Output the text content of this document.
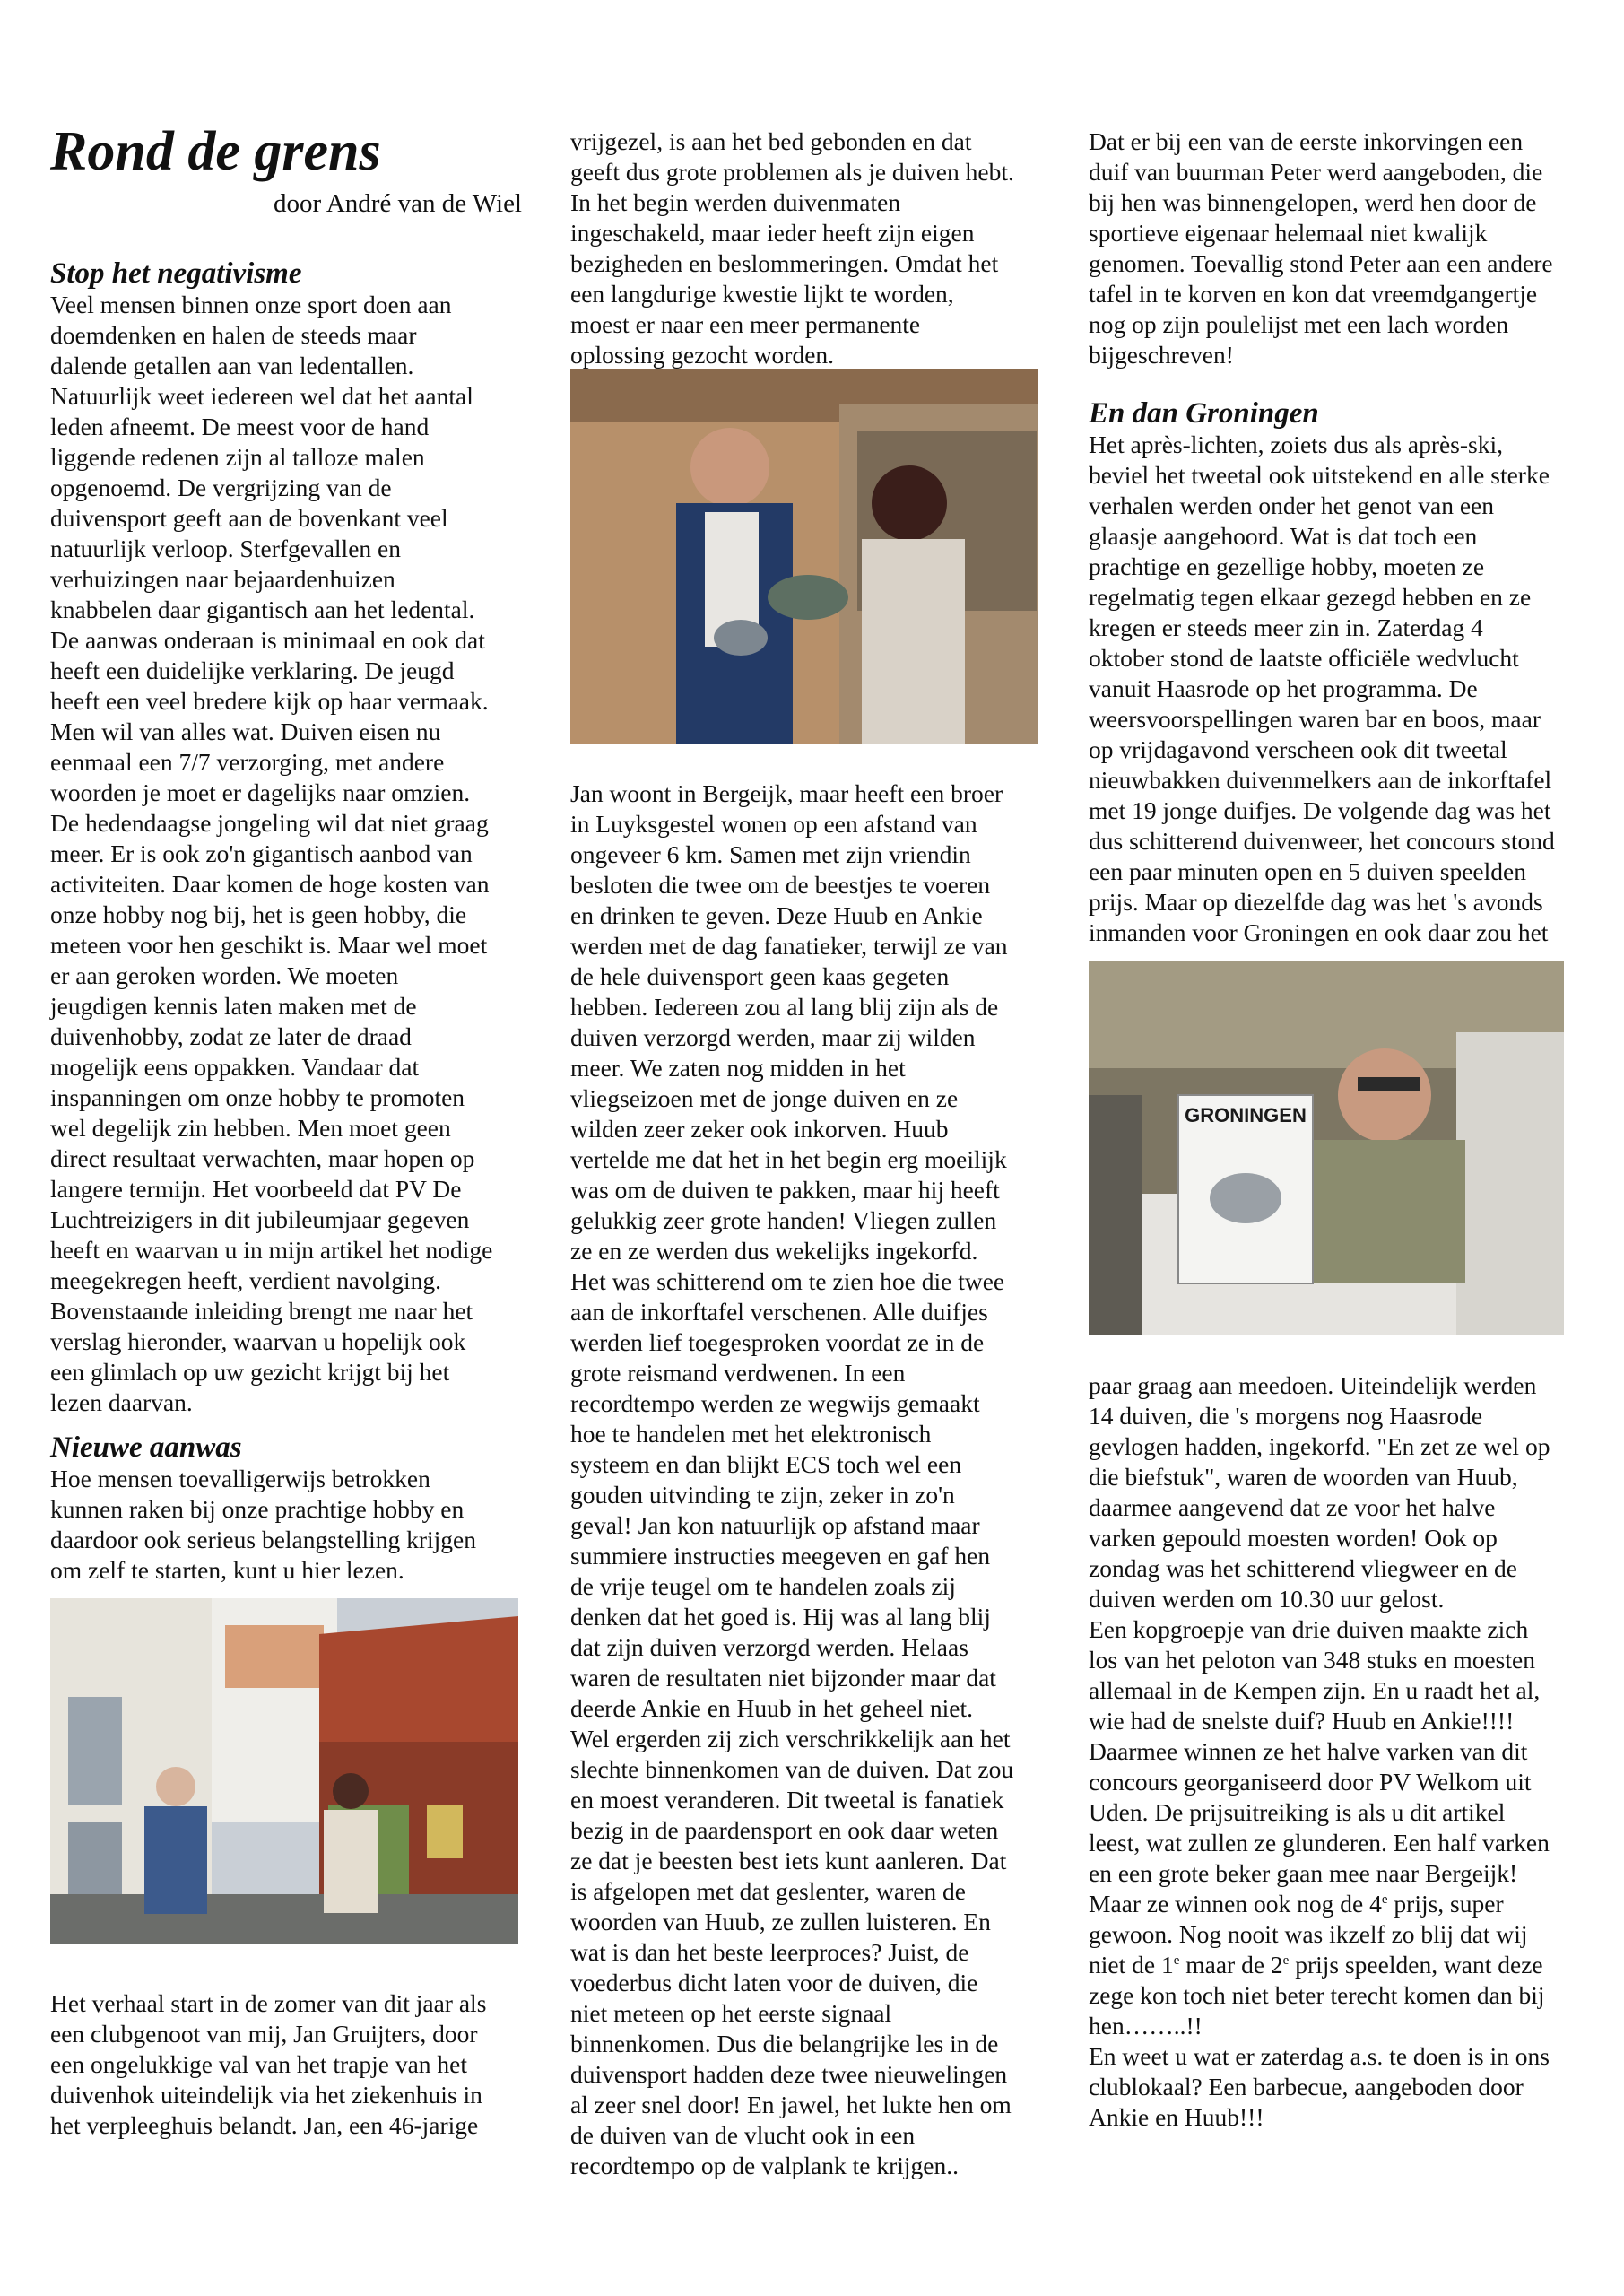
Rond de grens
door André van de Wiel
Stop het negativisme

Veel mensen binnen onze sport doen aan
doemdenken en halen de steeds maar
dalende getallen aan van ledentallen.
Natuurlijk weet iedereen wel dat het aantal
leden afneemt. De meest voor de hand
liggende redenen zijn al talloze malen
opgenoemd. De vergrijzing van de
duivensport geeft aan de bovenkant veel
natuurlijk verloop. Sterfgevallen en
verhuizingen naar bejaardenhuizen
knabbelen daar gigantisch aan het ledental.
De aanwas onderaan is minimaal en ook dat
heeft een duidelijke verklaring. De jeugd
heeft een veel bredere kijk op haar vermaak.
Men wil van alles wat. Duiven eisen nu
eenmaal een 7/7 verzorging, met andere
woorden je moet er dagelijks naar omzien.
De hedendaagse jongeling wil dat niet graag
meer. Er is ook zo'n gigantisch aanbod van
activiteiten. Daar komen de hoge kosten van
onze hobby nog bij, het is geen hobby, die
meteen voor hen geschikt is. Maar wel moet
er aan geroken worden. We moeten
jeugdigen kennis laten maken met de
duivenhobby, zodat ze later de draad
mogelijk eens oppakken. Vandaar dat
inspanningen om onze hobby te promoten
wel degelijk zin hebben. Men moet geen
direct resultaat verwachten, maar hopen op
langere termijn. Het voorbeeld dat PV De
Luchtreizigers in dit jubileumjaar gegeven
heeft en waarvan u in mijn artikel het nodige
meegekregen heeft, verdient navolging.
Bovenstaande inleiding brengt me naar het
verslag hieronder, waarvan u hopelijk ook
een glimlach op uw gezicht krijgt bij het
lezen daarvan.

Nieuwe aanwas

Hoe mensen toevalligerwijs betrokken
kunnen raken bij onze prachtige hobby en
daardoor ook serieus belangstelling krijgen
om zelf te starten, kunt u hier lezen.

Het verhaal start in de zomer van dit jaar als
een clubgenoot van mij, Jan Gruijters, door
een ongelukkige val van het trapje van het
duivenhok uiteindelijk via het ziekenhuis in
het verpleeghuis belandt. Jan, een 46-jarige

vrijgezel, is aan het bed gebonden en dat
geeft dus grote problemen als je duiven hebt.
In het begin werden duivenmaten
ingeschakeld, maar ieder heeft zijn eigen
bezigheden en beslommeringen. Omdat het
een langdurige kwestie lijkt te worden,
moest er naar een meer permanente
oplossing gezocht worden.

Jan woont in Bergeijk, maar heeft een broer
in Luyksgestel wonen op een afstand van
ongeveer 6 km. Samen met zijn vriendin
besloten die twee om de beestjes te voeren
en drinken te geven. Deze Huub en Ankie
werden met de dag fanatieker, terwijl ze van
de hele duivensport geen kaas gegeten
hebben. Iedereen zou al lang blij zijn als de
duiven verzorgd werden, maar zij wilden
meer. We zaten nog midden in het
vliegseizoen met de jonge duiven en ze
wilden zeer zeker ook inkorven. Huub
vertelde me dat het in het begin erg moeilijk
was om de duiven te pakken, maar hij heeft
gelukkig zeer grote handen! Vliegen zullen
ze en ze werden dus wekelijks ingekorfd.
Het was schitterend om te zien hoe die twee
aan de inkorftafel verschenen. Alle duifjes
werden lief toegesproken voordat ze in de
grote reismand verdwenen. In een
recordtempo werden ze wegwijs gemaakt
hoe te handelen met het elektronisch
systeem en dan blijkt ECS toch wel een
gouden uitvinding te zijn, zeker in zo'n
geval! Jan kon natuurlijk op afstand maar
summiere instructies meegeven en gaf hen
de vrije teugel om te handelen zoals zij
denken dat het goed is. Hij was al lang blij
dat zijn duiven verzorgd werden. Helaas
waren de resultaten niet bijzonder maar dat
deerde Ankie en Huub in het geheel niet.
Wel ergerden zij zich verschrikkelijk aan het
slechte binnenkomen van de duiven. Dat zou
en moest veranderen. Dit tweetal is fanatiek
bezig in de paardensport en ook daar weten
ze dat je beesten best iets kunt aanleren. Dat
is afgelopen met dat geslenter, waren de
woorden van Huub, ze zullen luisteren. En
wat is dan het beste leerproces? Juist, de
voederbus dicht laten voor de duiven, die
niet meteen op het eerste signaal
binnenkomen. Dus die belangrijke les in de
duivensport hadden deze twee nieuwelingen
al zeer snel door! En jawel, het lukte hen om
de duiven van de vlucht ook in een
recordtempo op de valplank te krijgen..

Dat er bij een van de eerste inkorvingen een
duif van buurman Peter werd aangeboden, die
bij hen was binnengelopen, werd hen door de
sportieve eigenaar helemaal niet kwalijk
genomen. Toevallig stond Peter aan een andere
tafel in te korven en kon dat vreemdgangertje
nog op zijn poulelijst met een lach worden
bijgeschreven!

En dan Groningen

Het après-lichten, zoiets dus als après-ski,
beviel het tweetal ook uitstekend en alle sterke
verhalen werden onder het genot van een
glaasje aangehoord. Wat is dat toch een
prachtige en gezellige hobby, moeten ze
regelmatig tegen elkaar gezegd hebben en ze
kregen er steeds meer zin in. Zaterdag 4
oktober stond de laatste officiële wedvlucht
vanuit Haasrode op het programma. De
weersvoorspellingen waren bar en boos, maar
op vrijdagavond verscheen ook dit tweetal
nieuwbakken duivenmelkers aan de inkorftafel
met 19 jonge duifjes. De volgende dag was het
dus schitterend duivenweer, het concours stond
een paar minuten open en 5 duiven speelden
prijs. Maar op diezelfde dag was het 's avonds
inmanden voor Groningen en ook daar zou het

GRONINGEN

paar graag aan meedoen. Uiteindelijk werden
14 duiven, die 's morgens nog Haasrode
gevlogen hadden, ingekorfd. "En zet ze wel op
die biefstuk", waren de woorden van Huub,
daarmee aangevend dat ze voor het halve
varken gepould moesten worden! Ook op
zondag was het schitterend vliegweer en de
duiven werden om 10.30 uur gelost.
Een kopgroepje van drie duiven maakte zich
los van het peloton van 348 stuks en moesten
allemaal in de Kempen zijn. En u raadt het al,
wie had de snelste duif? Huub en Ankie!!!!
Daarmee winnen ze het halve varken van dit
concours georganiseerd door PV Welkom uit
Uden. De prijsuitreiking is als u dit artikel
leest, wat zullen ze glunderen. Een half varken
en een grote beker gaan mee naar Bergeijk!

Maar ze winnen ook nog de 4e prijs, super

gewoon. Nog nooit was ikzelf zo blij dat wij

niet de 1e maar de 2e prijs speelden, want deze

zege kon toch niet beter terecht komen dan bij
hen……..!!
En weet u wat er zaterdag a.s. te doen is in ons
clublokaal? Een barbecue, aangeboden door
Ankie en Huub!!!
